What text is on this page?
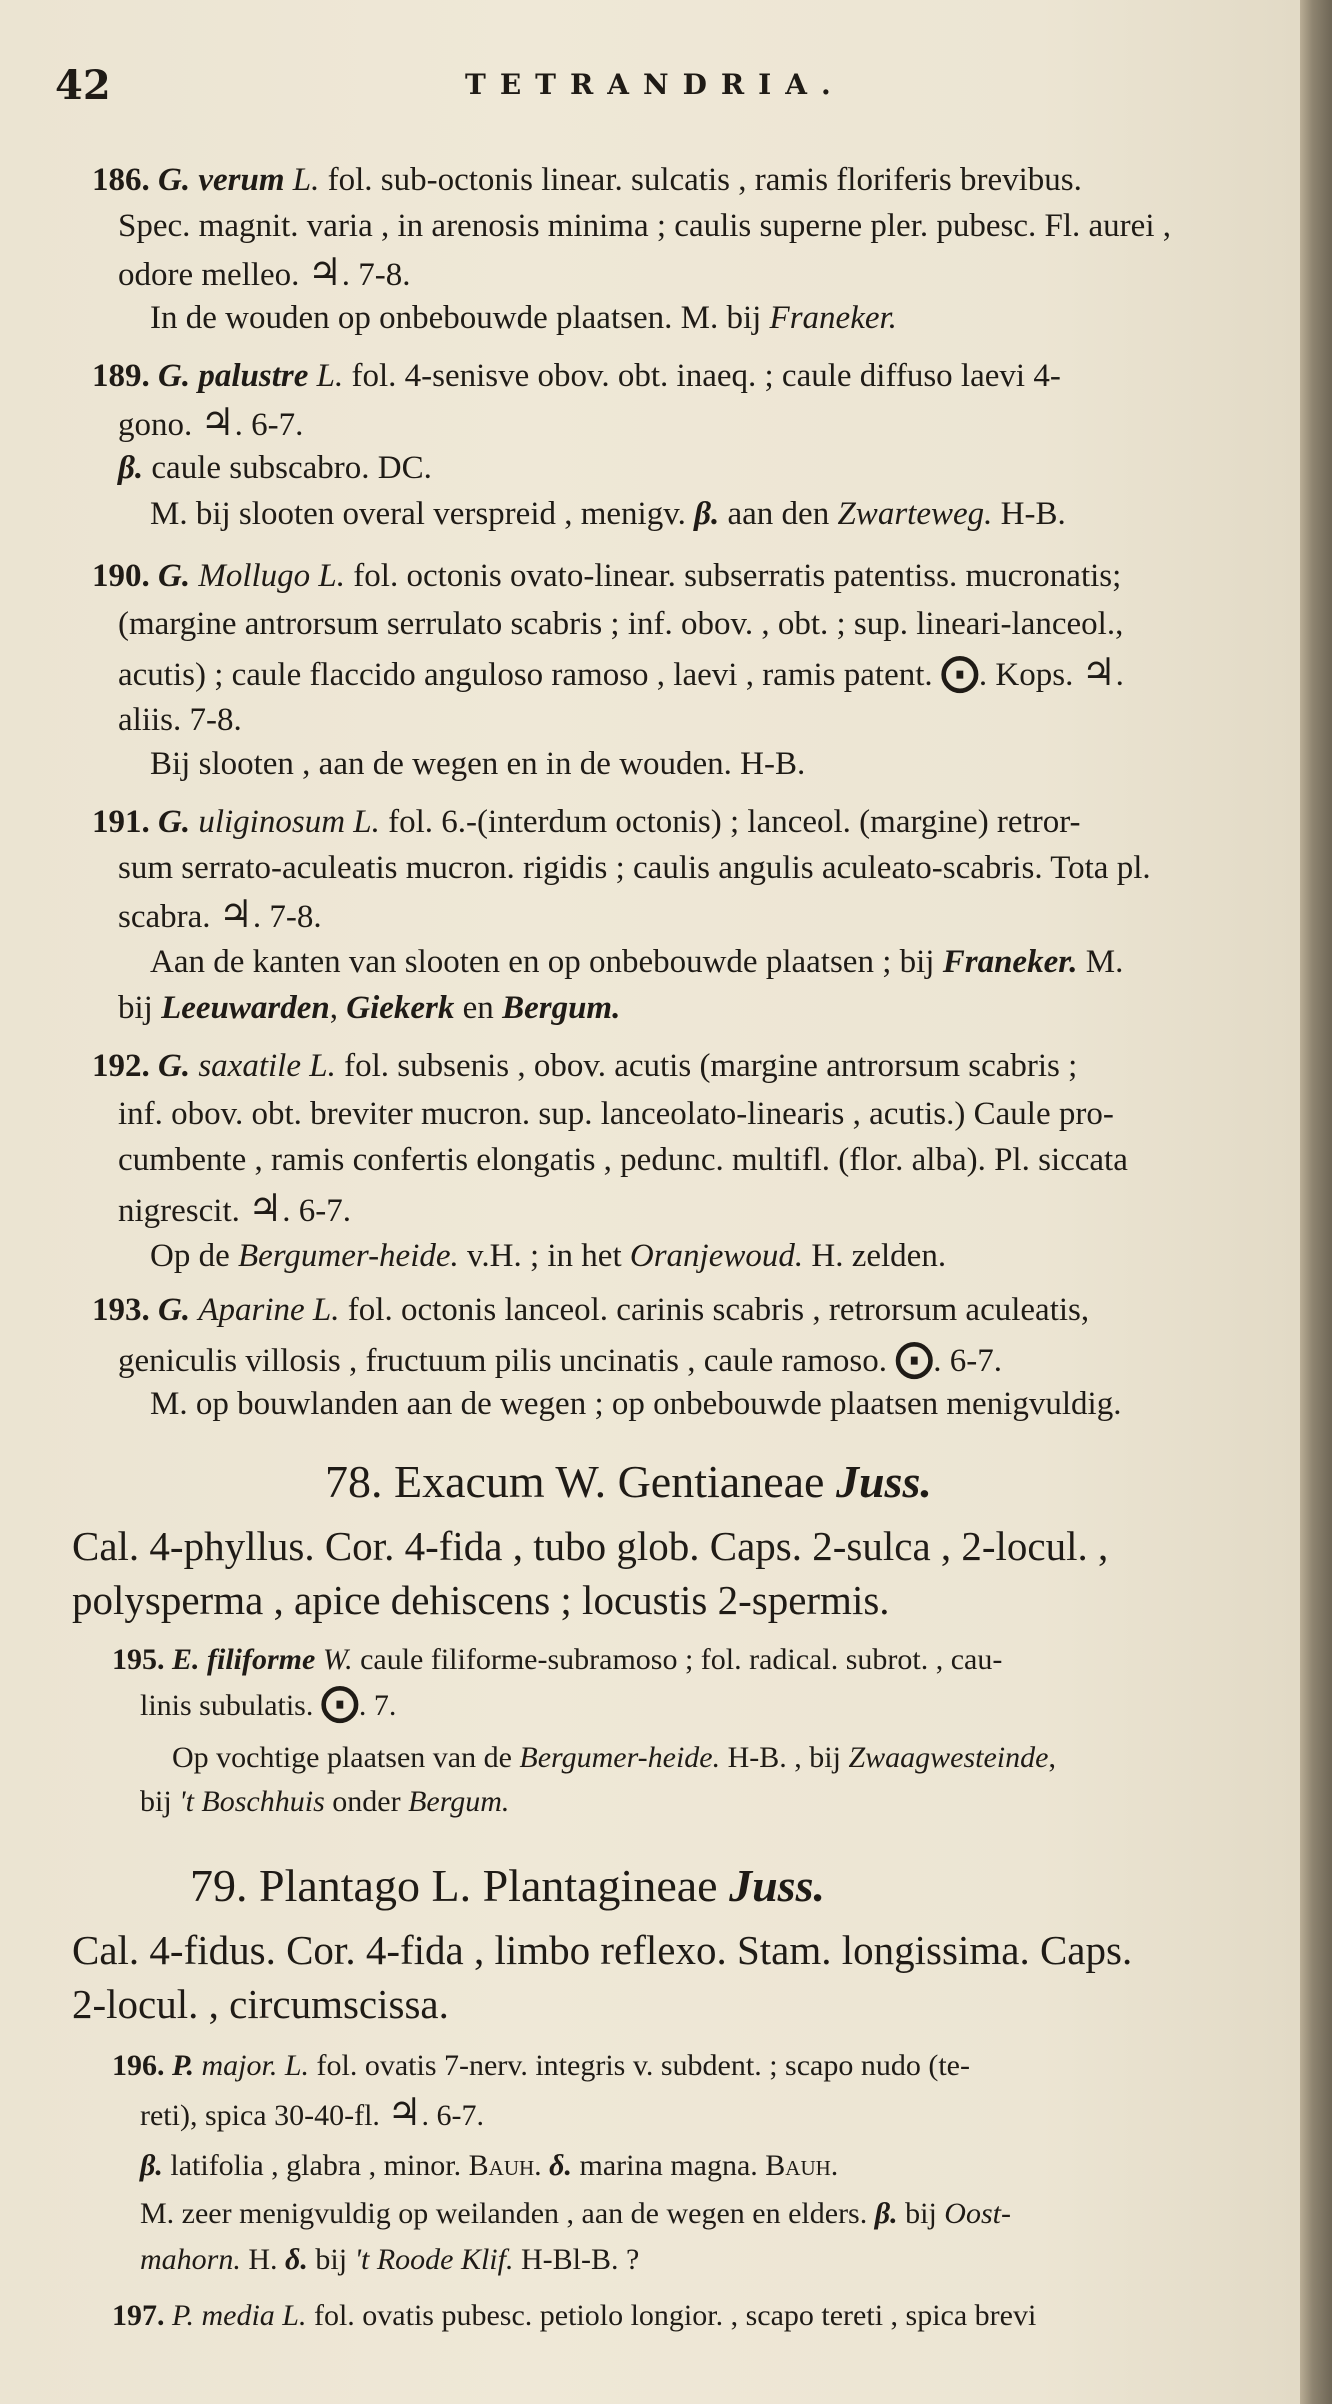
42	TETRANDRIA.
186. G. verum L. fol. sub-octonis linear. sulcatis , ramis floriferis brevibus.
Spec. magnit. varia , in arenosis minima ; caulis superne pler. pubesc. Fl. aurei ,
odore melleo. ♃. 7-8.
In de wouden op onbebouwde plaatsen. M. bij Franeker.
189. G. palustre L. fol. 4-senisve obov. obt. inaeq. ; caule diffuso laevi 4-
gono. ♃. 6-7.
β. caule subscabro. DC.
M. bij slooten overal verspreid , menigv. β. aan den Zwarteweg. H-B.
190. G. Mollugo L. fol. octonis ovato-linear. subserratis patentiss. mucronatis;
(margine antrorsum serrulato scabris ; inf. obov. , obt. ; sup. lineari-lanceol.,
acutis) ; caule flaccido anguloso ramoso , laevi , ramis patent. ⨀. Kops. ♃.
aliis. 7-8.
Bij slooten , aan de wegen en in de wouden. H-B.
191. G. uliginosum L. fol. 6.-(interdum octonis) ; lanceol. (margine) retror-
sum serrato-aculeatis mucron. rigidis ; caulis angulis aculeato-scabris. Tota pl.
scabra. ♃. 7-8.
Aan de kanten van slooten en op onbebouwde plaatsen ; bij Franeker. M.
bij Leeuwarden, Giekerk en Bergum.
192. G. saxatile L. fol. subsenis , obov. acutis (margine antrorsum scabris ;
inf. obov. obt. breviter mucron. sup. lanceolato-linearis , acutis.) Caule pro-
cumbente , ramis confertis elongatis , pedunc. multifl. (flor. alba). Pl. siccata
nigrescit. ♃. 6-7.
Op de Bergumer-heide. v.H. ; in het Oranjewoud. H. zelden.
193. G. Aparine L. fol. octonis lanceol. carinis scabris , retrorsum aculeatis,
geniculis villosis , fructuum pilis uncinatis , caule ramoso. ⨀. 6-7.
M. op bouwlanden aan de wegen ; op onbebouwde plaatsen menigvuldig.
78. Exacum W. Gentianeae Juss.
Cal. 4-phyllus. Cor. 4-fida , tubo glob. Caps. 2-sulca , 2-locul. ,
polysperma , apice dehiscens ; locustis 2-spermis.
195. E. filiforme W. caule filiforme-subramoso ; fol. radical. subrot. , cau-
linis subulatis. ⨀. 7.
Op vochtige plaatsen van de Bergumer-heide. H-B. , bij Zwaagwesteinde,
bij 't Boschhuis onder Bergum.
79. Plantago L. Plantagineae Juss.
Cal. 4-fidus. Cor. 4-fida , limbo reflexo. Stam. longissima. Caps.
2-locul. , circumscissa.
196. P. major. L. fol. ovatis 7-nerv. integris v. subdent. ; scapo nudo (te-
reti), spica 30-40-fl. ♃. 6-7.
β. latifolia , glabra , minor. Bauh. δ. marina magna. Bauh.
M. zeer menigvuldig op weilanden , aan de wegen en elders. β. bij Oost-
mahorn. H. δ. bij 't Roode Klif. H-Bl-B. ?
197. P. media L. fol. ovatis pubesc. petiolo longior. , scapo tereti , spica brevi
